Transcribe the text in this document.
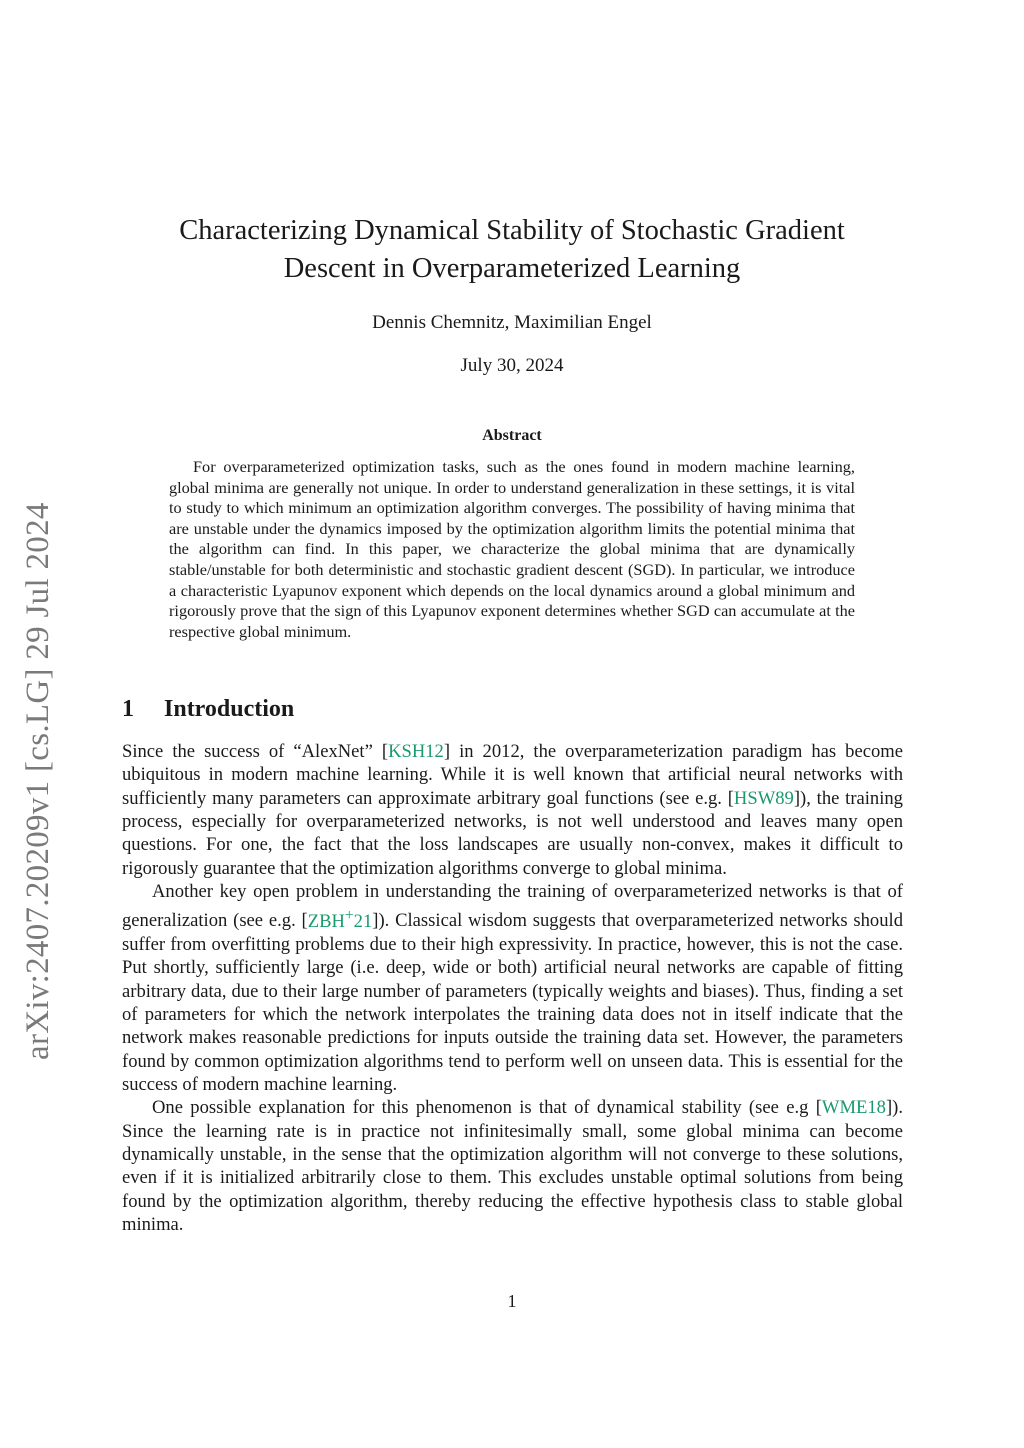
arXiv:2407.20209v1 [cs.LG] 29 Jul 2024
Characterizing Dynamical Stability of Stochastic Gradient
Descent in Overparameterized Learning
Dennis Chemnitz, Maximilian Engel
July 30, 2024
Abstract

For overparameterized optimization tasks, such as the ones found in modern machine learning, global minima are generally not unique. In order to understand generalization in these settings, it is vital to study to which minimum an optimization algorithm converges. The possibility of having minima that are unstable under the dynamics imposed by the optimization algorithm limits the potential minima that the algorithm can find. In this paper, we characterize the global minima that are dynamically stable/unstable for both deterministic and stochastic gradient descent (SGD). In particular, we introduce a characteristic Lyapunov exponent which depends on the local dynamics around a global minimum and rigorously prove that the sign of this Lyapunov exponent determines whether SGD can accumulate at the respective global minimum.

1 Introduction

Since the success of “AlexNet” [KSH12] in 2012, the overparameterization paradigm has become ubiquitous in modern machine learning. While it is well known that artificial neural networks with sufficiently many parameters can approximate arbitrary goal functions (see e.g. [HSW89]), the training process, especially for overparameterized networks, is not well understood and leaves many open questions. For one, the fact that the loss landscapes are usually non-convex, makes it difficult to rigorously guarantee that the optimization algorithms converge to global minima.

Another key open problem in understanding the training of overparameterized networks is that of generalization (see e.g. [ZBH+21]). Classical wisdom suggests that overparameterized networks should suffer from overfitting problems due to their high expressivity. In practice, however, this is not the case. Put shortly, sufficiently large (i.e. deep, wide or both) artificial neural networks are capable of fitting arbitrary data, due to their large number of parameters (typically weights and biases). Thus, finding a set of parameters for which the network interpolates the training data does not in itself indicate that the network makes reasonable predictions for inputs outside the training data set. However, the parameters found by common optimization algorithms tend to perform well on unseen data. This is essential for the success of modern machine learning.

One possible explanation for this phenomenon is that of dynamical stability (see e.g [WME18]). Since the learning rate is in practice not infinitesimally small, some global minima can become dynamically unstable, in the sense that the optimization algorithm will not converge to these solutions, even if it is initialized arbitrarily close to them. This excludes unstable optimal solutions from being found by the optimization algorithm, thereby reducing the effective hypothesis class to stable global minima.

1
